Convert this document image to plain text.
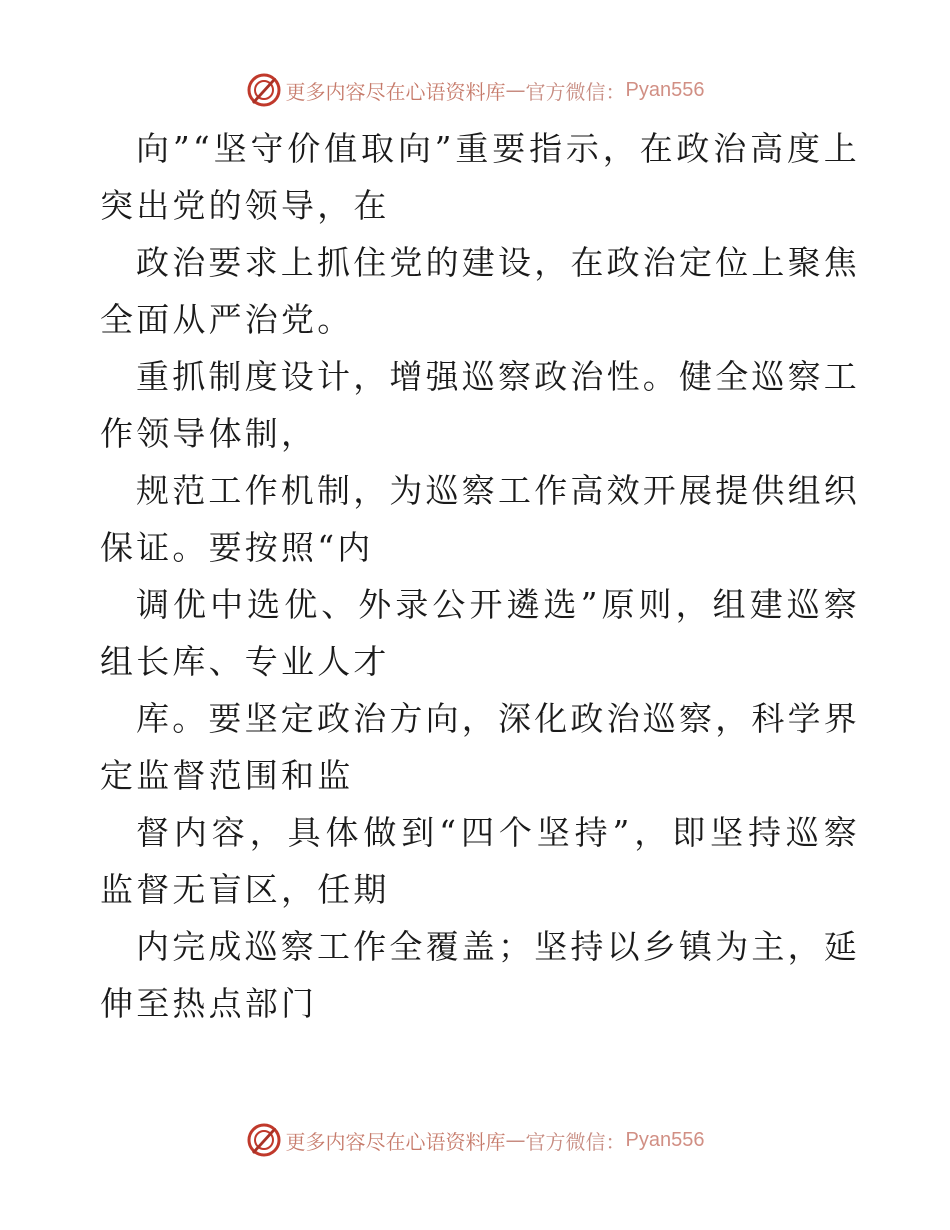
更多内容尽在心语资料库 — 官方微信： Pyan556

向”“坚守价值取向”重要指示，在政治高度上突出党的领导，在

政治要求上抓住党的建设，在政治定位上聚焦全面从严治党。

重抓制度设计，增强巡察政治性。健全巡察工作领导体制，

规范工作机制，为巡察工作高效开展提供组织保证。要按照“内

调优中选优、外录公开遴选”原则，组建巡察组长库、专业人才

库。要坚定政治方向，深化政治巡察，科学界定监督范围和监

督内容，具体做到“四个坚持”，即坚持巡察监督无盲区，任期

内完成巡察工作全覆盖；坚持以乡镇为主，延伸至热点部门

更多内容尽在心语资料库 — 官方微信： Pyan556
